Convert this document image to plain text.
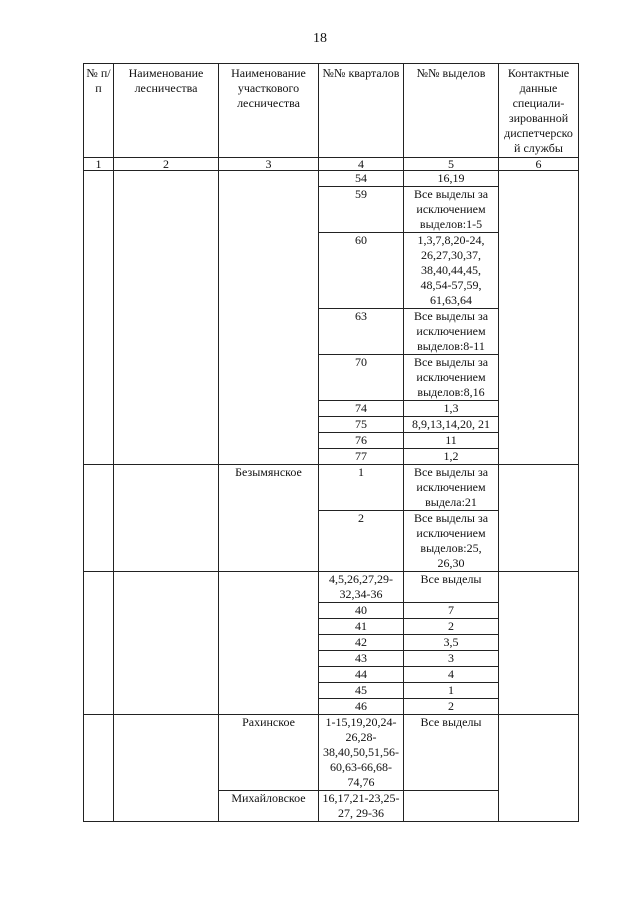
18
№ п/п	Наименование лесничества	Наименование участкового лесничества	№№ кварталов	№№ выделов	Контактные данные специали-зированной диспетчерской службы
1	2	3	4	5	6
			54	16,19	
			59	Все выделы за исключением выделов:1-5	
			60	1,3,7,8,20-24, 26,27,30,37, 38,40,44,45, 48,54-57,59, 61,63,64	
			63	Все выделы за исключением выделов:8-11	
			70	Все выделы за исключением выделов:8,16	
			74	1,3	
			75	8,9,13,14,20, 21	
			76	11	
			77	1,2	
		Безымянское	1	Все выделы за исключением выдела:21	
			2	Все выделы за исключением выделов:25, 26,30	
			4,5,26,27,29-32,34-36	Все выделы	
			40	7	
			41	2	
			42	3,5	
			43	3	
			44	4	
			45	1	
			46	2	
		Рахинское	1-15,19,20,24-26,28-38,40,50,51,56-60,63-66,68-74,76	Все выделы	
		Михайловское	16,17,21-23,25-27, 29-36		
